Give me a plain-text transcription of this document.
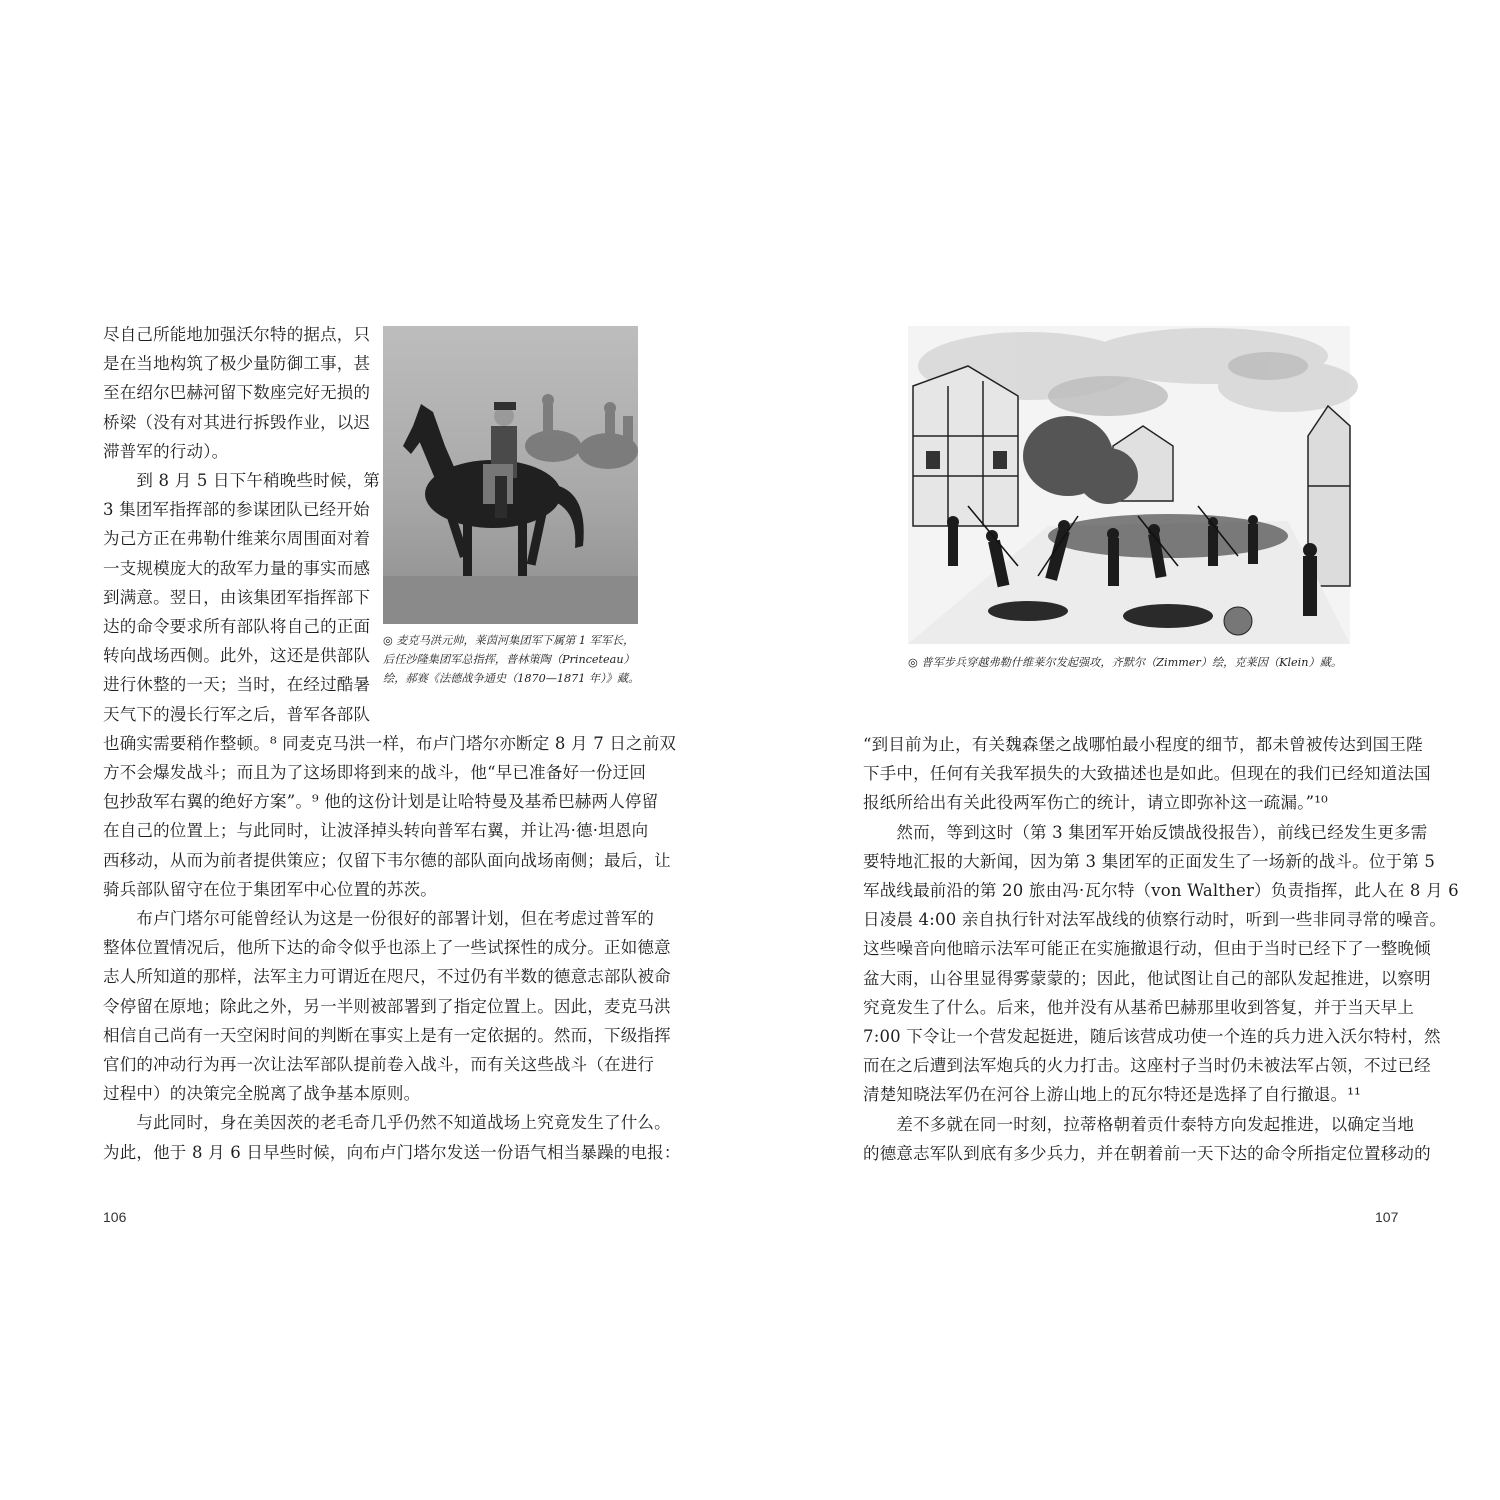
◎ 麦克马洪元帅，莱茵河集团军下属第 1 军军长，
后任沙隆集团军总指挥，普林策陶（Princeteau）
绘，郝赛《法德战争通史（1870—1871 年）》藏。
尽自己所能地加强沃尔特的据点，只
是在当地构筑了极少量防御工事，甚
至在绍尔巴赫河留下数座完好无损的
桥梁（没有对其进行拆毁作业，以迟
滞普军的行动）。
　　到 8 月 5 日下午稍晚些时候，第
3 集团军指挥部的参谋团队已经开始
为己方正在弗勒什维莱尔周围面对着
一支规模庞大的敌军力量的事实而感
到满意。翌日，由该集团军指挥部下
达的命令要求所有部队将自己的正面
转向战场西侧。此外，这还是供部队
进行休整的一天；当时，在经过酷暑
天气下的漫长行军之后，普军各部队
也确实需要稍作整顿。⁸ 同麦克马洪一样，布卢门塔尔亦断定 8 月 7 日之前双
方不会爆发战斗；而且为了这场即将到来的战斗，他“早已准备好一份迂回
包抄敌军右翼的绝好方案”。⁹ 他的这份计划是让哈特曼及基希巴赫两人停留
在自己的位置上；与此同时，让波泽掉头转向普军右翼，并让冯·德·坦恩向
西移动，从而为前者提供策应；仅留下韦尔德的部队面向战场南侧；最后，让
骑兵部队留守在位于集团军中心位置的苏茨。
　　布卢门塔尔可能曾经认为这是一份很好的部署计划，但在考虑过普军的
整体位置情况后，他所下达的命令似乎也添上了一些试探性的成分。正如德意
志人所知道的那样，法军主力可谓近在咫尺，不过仍有半数的德意志部队被命
令停留在原地；除此之外，另一半则被部署到了指定位置上。因此，麦克马洪
相信自己尚有一天空闲时间的判断在事实上是有一定依据的。然而，下级指挥
官们的冲动行为再一次让法军部队提前卷入战斗，而有关这些战斗（在进行
过程中）的决策完全脱离了战争基本原则。
　　与此同时，身在美因茨的老毛奇几乎仍然不知道战场上究竟发生了什么。
为此，他于 8 月 6 日早些时候，向布卢门塔尔发送一份语气相当暴躁的电报：
106
◎ 普军步兵穿越弗勒什维莱尔发起强攻，齐默尔（Zimmer）绘，克莱因（Klein）藏。
“到目前为止，有关魏森堡之战哪怕最小程度的细节，都未曾被传达到国王陛
下手中，任何有关我军损失的大致描述也是如此。但现在的我们已经知道法国
报纸所给出有关此役两军伤亡的统计，请立即弥补这一疏漏。”¹⁰
　　然而，等到这时（第 3 集团军开始反馈战役报告），前线已经发生更多需
要特地汇报的大新闻，因为第 3 集团军的正面发生了一场新的战斗。位于第 5
军战线最前沿的第 20 旅由冯·瓦尔特（von Walther）负责指挥，此人在 8 月 6
日凌晨 4:00 亲自执行针对法军战线的侦察行动时，听到一些非同寻常的噪音。
这些噪音向他暗示法军可能正在实施撤退行动，但由于当时已经下了一整晚倾
盆大雨，山谷里显得雾蒙蒙的；因此，他试图让自己的部队发起推进，以察明
究竟发生了什么。后来，他并没有从基希巴赫那里收到答复，并于当天早上
7:00 下令让一个营发起挺进，随后该营成功使一个连的兵力进入沃尔特村，然
而在之后遭到法军炮兵的火力打击。这座村子当时仍未被法军占领，不过已经
清楚知晓法军仍在河谷上游山地上的瓦尔特还是选择了自行撤退。¹¹
　　差不多就在同一时刻，拉蒂格朝着贡什泰特方向发起推进，以确定当地
的德意志军队到底有多少兵力，并在朝着前一天下达的命令所指定位置移动的
107
